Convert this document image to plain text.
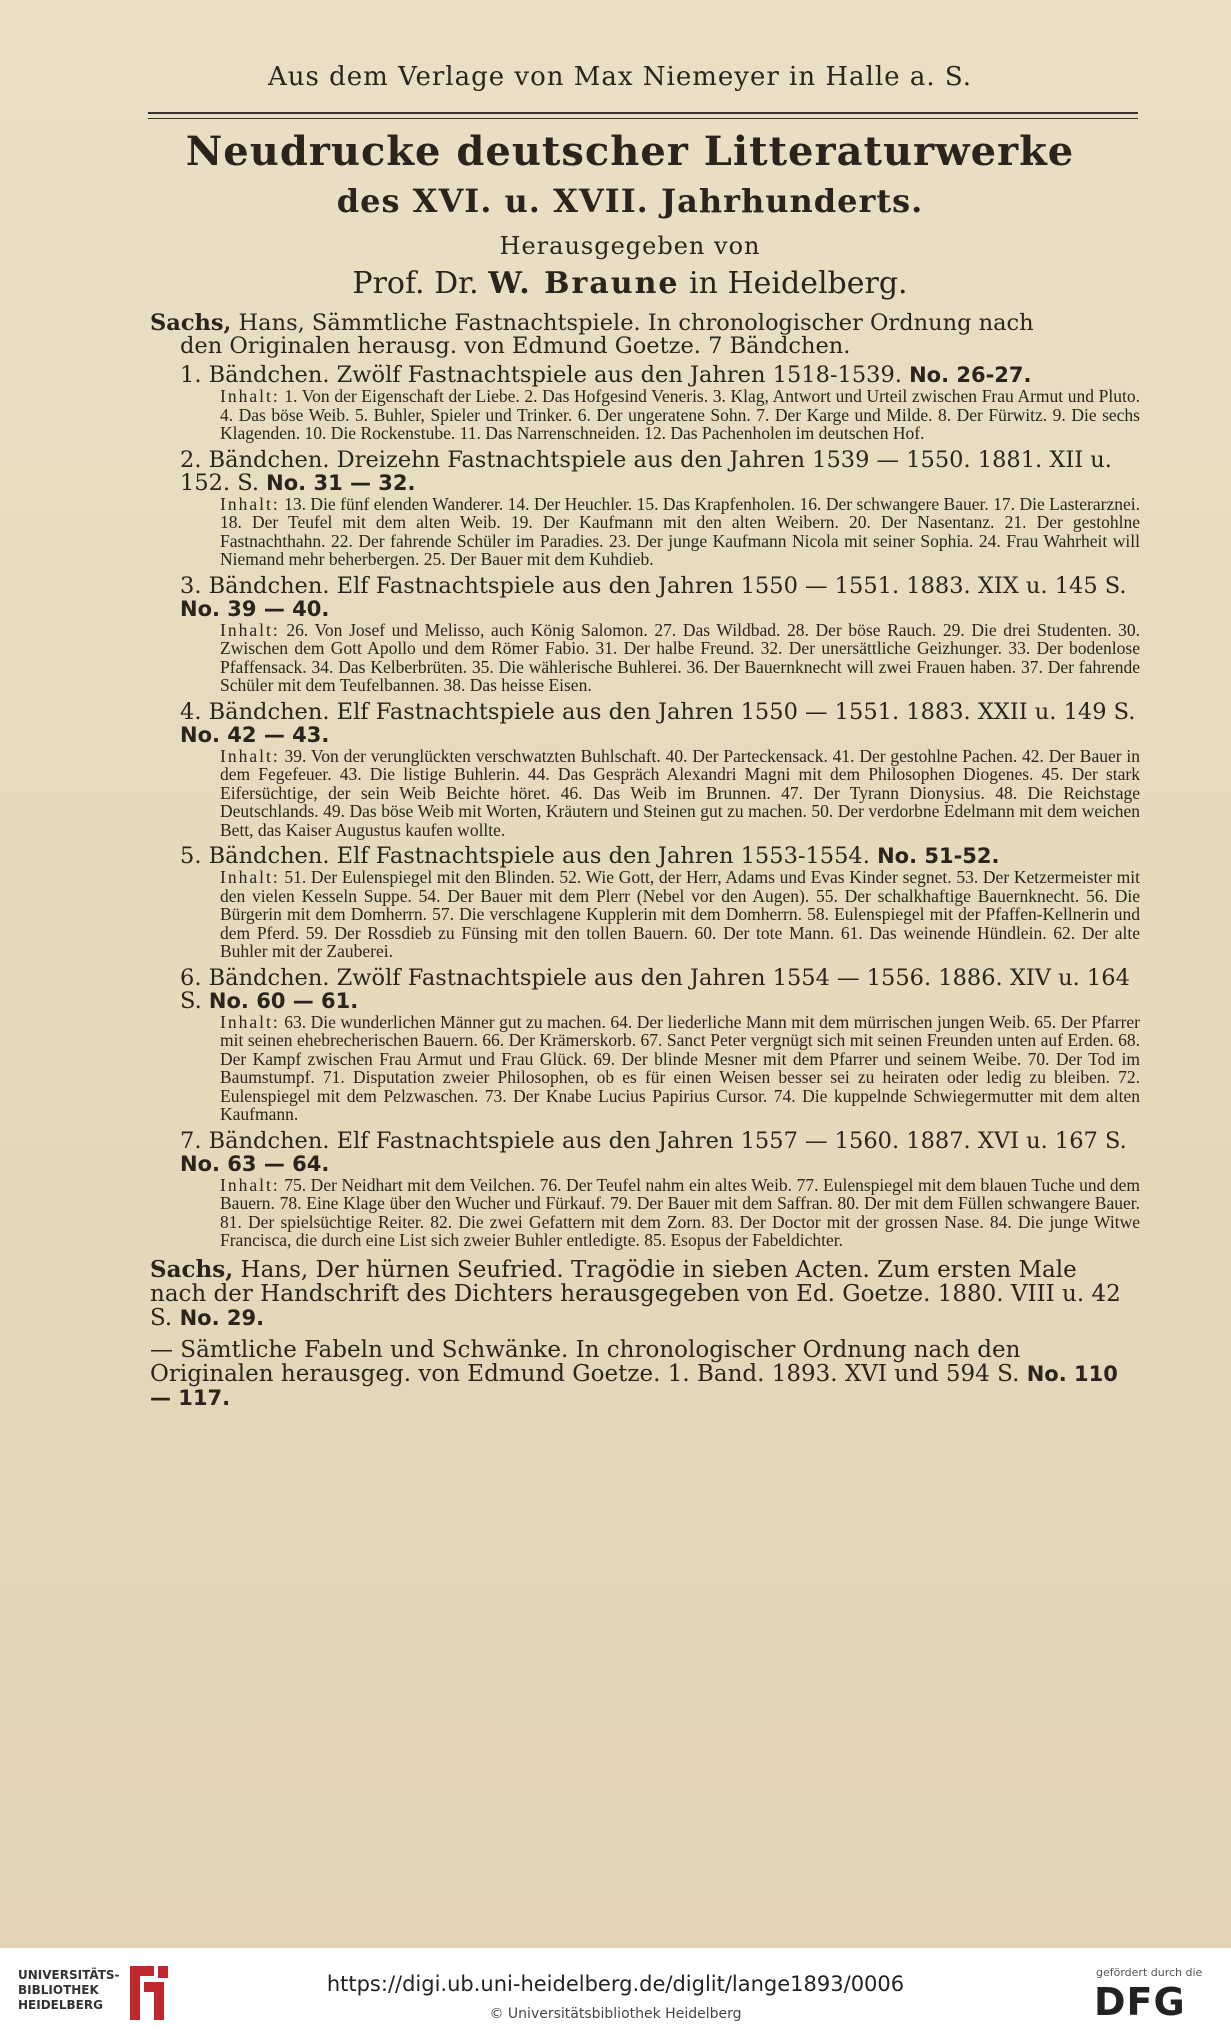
Aus dem Verlage von Max Niemeyer in Halle a. S.
Neudrucke deutscher Litteraturwerke
des XVI. u. XVII. Jahrhunderts.
Herausgegeben von
Prof. Dr. W. Braune in Heidelberg.
Sachs, Hans, Sämmtliche Fastnachtspiele. In chronologischer Ordnung nach
den Originalen herausg. von Edmund Goetze. 7 Bändchen.
1. Bändchen. Zwölf Fastnachtspiele aus den Jahren 1518-1539. No. 26-27.
Inhalt: 1. Von der Eigenschaft der Liebe. 2. Das Hofgesind Veneris. 3. Klag, Antwort und Urteil zwischen Frau Armut und Pluto. 4. Das böse Weib. 5. Buhler, Spieler und Trinker. 6. Der ungeratene Sohn. 7. Der Karge und Milde. 8. Der Fürwitz. 9. Die sechs Klagenden. 10. Die Rockenstube. 11. Das Narrenschneiden. 12. Das Pachenholen im deutschen Hof.
2. Bändchen. Dreizehn Fastnachtspiele aus den Jahren 1539 — 1550. 1881. XII u. 152. S. No. 31 — 32.
Inhalt: 13. Die fünf elenden Wanderer. 14. Der Heuchler. 15. Das Krapfenholen. 16. Der schwangere Bauer. 17. Die Lasterarznei. 18. Der Teufel mit dem alten Weib. 19. Der Kaufmann mit den alten Weibern. 20. Der Nasentanz. 21. Der gestohlne Fastnachthahn. 22. Der fahrende Schüler im Paradies. 23. Der junge Kaufmann Nicola mit seiner Sophia. 24. Frau Wahrheit will Niemand mehr beherbergen. 25. Der Bauer mit dem Kuhdieb.
3. Bändchen. Elf Fastnachtspiele aus den Jahren 1550 — 1551. 1883. XIX u. 145 S. No. 39 — 40.
Inhalt: 26. Von Josef und Melisso, auch König Salomon. 27. Das Wildbad. 28. Der böse Rauch. 29. Die drei Studenten. 30. Zwischen dem Gott Apollo und dem Römer Fabio. 31. Der halbe Freund. 32. Der unersättliche Geizhunger. 33. Der bodenlose Pfaffensack. 34. Das Kelberbrüten. 35. Die wählerische Buhlerei. 36. Der Bauernknecht will zwei Frauen haben. 37. Der fahrende Schüler mit dem Teufelbannen. 38. Das heisse Eisen.
4. Bändchen. Elf Fastnachtspiele aus den Jahren 1550 — 1551. 1883. XXII u. 149 S. No. 42 — 43.
Inhalt: 39. Von der verunglückten verschwatzten Buhlschaft. 40. Der Parteckensack. 41. Der gestohlne Pachen. 42. Der Bauer in dem Fegefeuer. 43. Die listige Buhlerin. 44. Das Gespräch Alexandri Magni mit dem Philosophen Diogenes. 45. Der stark Eifersüchtige, der sein Weib Beichte höret. 46. Das Weib im Brunnen. 47. Der Tyrann Dionysius. 48. Die Reichstage Deutschlands. 49. Das böse Weib mit Worten, Kräutern und Steinen gut zu machen. 50. Der verdorbne Edelmann mit dem weichen Bett, das Kaiser Augustus kaufen wollte.
5. Bändchen. Elf Fastnachtspiele aus den Jahren 1553-1554. No. 51-52.
Inhalt: 51. Der Eulenspiegel mit den Blinden. 52. Wie Gott, der Herr, Adams und Evas Kinder segnet. 53. Der Ketzermeister mit den vielen Kesseln Suppe. 54. Der Bauer mit dem Plerr (Nebel vor den Augen). 55. Der schalkhaftige Bauernknecht. 56. Die Bürgerin mit dem Domherrn. 57. Die verschlagene Kupplerin mit dem Domherrn. 58. Eulenspiegel mit der Pfaffen-Kellnerin und dem Pferd. 59. Der Rossdieb zu Fünsing mit den tollen Bauern. 60. Der tote Mann. 61. Das weinende Hündlein. 62. Der alte Buhler mit der Zauberei.
6. Bändchen. Zwölf Fastnachtspiele aus den Jahren 1554 — 1556. 1886. XIV u. 164 S. No. 60 — 61.
Inhalt: 63. Die wunderlichen Männer gut zu machen. 64. Der liederliche Mann mit dem mürrischen jungen Weib. 65. Der Pfarrer mit seinen ehebrecherischen Bauern. 66. Der Krämerskorb. 67. Sanct Peter vergnügt sich mit seinen Freunden unten auf Erden. 68. Der Kampf zwischen Frau Armut und Frau Glück. 69. Der blinde Mesner mit dem Pfarrer und seinem Weibe. 70. Der Tod im Baumstumpf. 71. Disputation zweier Philosophen, ob es für einen Weisen besser sei zu heiraten oder ledig zu bleiben. 72. Eulenspiegel mit dem Pelzwaschen. 73. Der Knabe Lucius Papirius Cursor. 74. Die kuppelnde Schwiegermutter mit dem alten Kaufmann.
7. Bändchen. Elf Fastnachtspiele aus den Jahren 1557 — 1560. 1887. XVI u. 167 S. No. 63 — 64.
Inhalt: 75. Der Neidhart mit dem Veilchen. 76. Der Teufel nahm ein altes Weib. 77. Eulenspiegel mit dem blauen Tuche und dem Bauern. 78. Eine Klage über den Wucher und Fürkauf. 79. Der Bauer mit dem Saffran. 80. Der mit dem Füllen schwangere Bauer. 81. Der spielsüchtige Reiter. 82. Die zwei Gefattern mit dem Zorn. 83. Der Doctor mit der grossen Nase. 84. Die junge Witwe Francisca, die durch eine List sich zweier Buhler entledigte. 85. Esopus der Fabeldichter.
Sachs, Hans, Der hürnen Seufried. Tragödie in sieben Acten. Zum ersten Male nach der Handschrift des Dichters herausgegeben von Ed. Goetze. 1880. VIII u. 42 S. No. 29.
— Sämtliche Fabeln und Schwänke. In chronologischer Ordnung nach den Originalen herausgeg. von Edmund Goetze. 1. Band. 1893. XVI und 594 S. No. 110 — 117.
UNIVERSITÄTS-
BIBLIOTHEK
HEIDELBERG
https://digi.ub.uni-heidelberg.de/diglit/lange1893/0006
© Universitätsbibliothek Heidelberg
gefördert durch die
DFG
